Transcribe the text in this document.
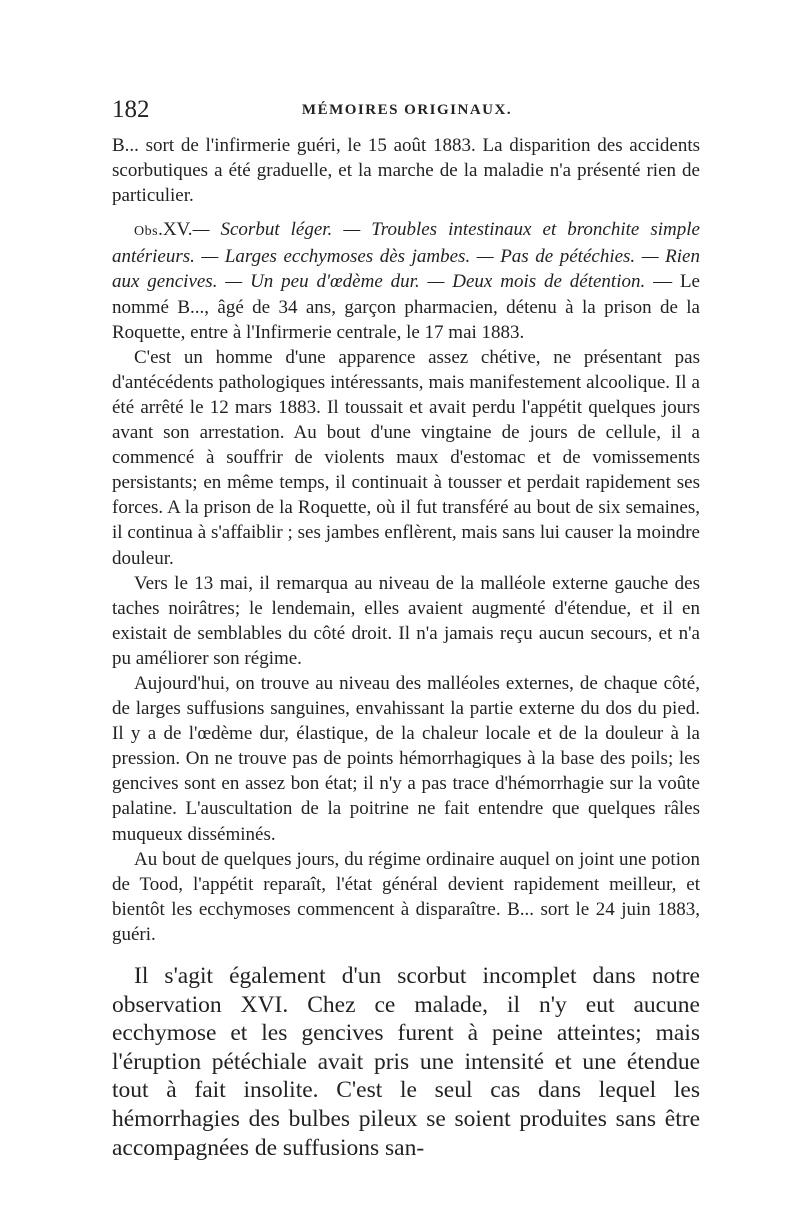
182	MÉMOIRES ORIGINAUX.

B... sort de l'infirmerie guéri, le 15 août 1883. La disparition des accidents scorbutiques a été graduelle, et la marche de la maladie n'a présenté rien de particulier.

Obs.XV.— Scorbut léger. — Troubles intestinaux et bronchite simple antérieurs. — Larges ecchymoses dès jambes. — Pas de pétéchies. — Rien aux gencives. — Un peu d'œdème dur. — Deux mois de détention. — Le nommé B..., âgé de 34 ans, garçon pharmacien, détenu à la prison de la Roquette, entre à l'Infirmerie centrale, le 17 mai 1883.

C'est un homme d'une apparence assez chétive, ne présentant pas d'antécédents pathologiques intéressants, mais manifestement alcoolique. Il a été arrêté le 12 mars 1883. Il toussait et avait perdu l'appétit quelques jours avant son arrestation. Au bout d'une vingtaine de jours de cellule, il a commencé à souffrir de violents maux d'estomac et de vomissements persistants; en même temps, il continuait à tousser et perdait rapidement ses forces. A la prison de la Roquette, où il fut transféré au bout de six semaines, il continua à s'affaiblir ; ses jambes enflèrent, mais sans lui causer la moindre douleur.

Vers le 13 mai, il remarqua au niveau de la malléole externe gauche des taches noirâtres; le lendemain, elles avaient augmenté d'étendue, et il en existait de semblables du côté droit. Il n'a jamais reçu aucun secours, et n'a pu améliorer son régime.

Aujourd'hui, on trouve au niveau des malléoles externes, de chaque côté, de larges suffusions sanguines, envahissant la partie externe du dos du pied. Il y a de l'œdème dur, élastique, de la chaleur locale et de la douleur à la pression. On ne trouve pas de points hémorrhagiques à la base des poils; les gencives sont en assez bon état; il n'y a pas trace d'hémorrhagie sur la voûte palatine. L'auscultation de la poitrine ne fait entendre que quelques râles muqueux disséminés.

Au bout de quelques jours, du régime ordinaire auquel on joint une potion de Tood, l'appétit reparaît, l'état général devient rapidement meilleur, et bientôt les ecchymoses commencent à disparaître. B... sort le 24 juin 1883, guéri.

Il s'agit également d'un scorbut incomplet dans notre observation XVI. Chez ce malade, il n'y eut aucune ecchymose et les gencives furent à peine atteintes; mais l'éruption pétéchiale avait pris une intensité et une étendue tout à fait insolite. C'est le seul cas dans lequel les hémorrhagies des bulbes pileux se soient produites sans être accompagnées de suffusions san-
